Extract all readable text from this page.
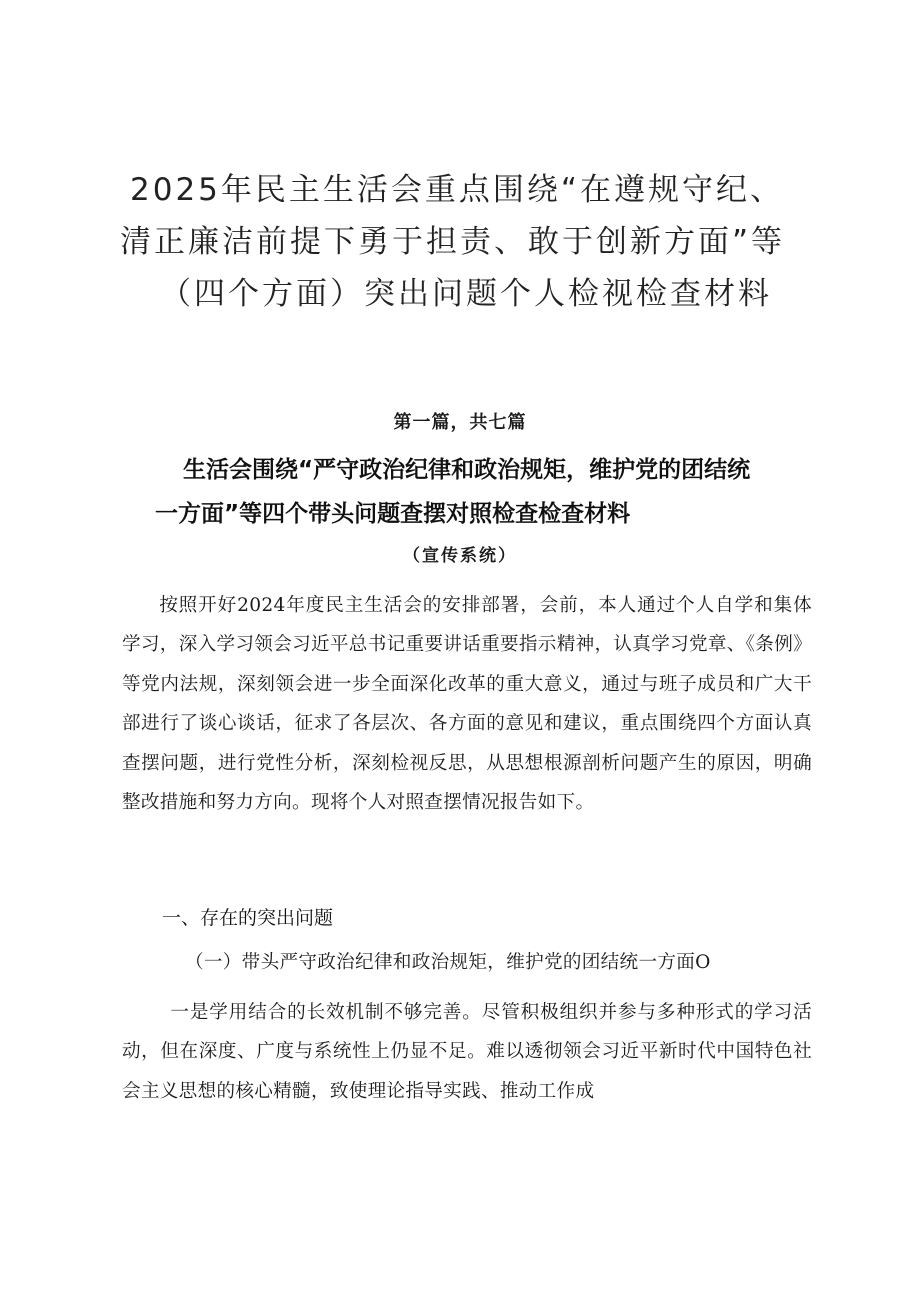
2025年民主生活会重点围绕“在遵规守纪、
清正廉洁前提下勇于担责、敢于创新方面”等
（四个方面）突出问题个人检视检查材料
第一篇，共七篇
生活会围绕“严守政治纪律和政治规矩，维护党的团结统
一方面”等四个带头问题查摆对照检查检查材料
（宣传系统）

按照开好2024年度民主生活会的安排部署，会前，本人通过个人自学和集体学习，深入学习领会习近平总书记重要讲话重要指示精神，认真学习党章、《条例》等党内法规，深刻领会进一步全面深化改革的重大意义，通过与班子成员和广大干部进行了谈心谈话，征求了各层次、各方面的意见和建议，重点围绕四个方面认真查摆问题，进行党性分析，深刻检视反思，从思想根源剖析问题产生的原因，明确整改措施和努力方向。现将个人对照查摆情况报告如下。

一、存在的突出问题
（一）带头严守政治纪律和政治规矩，维护党的团结统一方面O

一是学用结合的长效机制不够完善。尽管积极组织并参与多种形式的学习活动，但在深度、广度与系统性上仍显不足。难以透彻领会习近平新时代中国特色社会主义思想的核心精髓，致使理论指导实践、推动工作成
